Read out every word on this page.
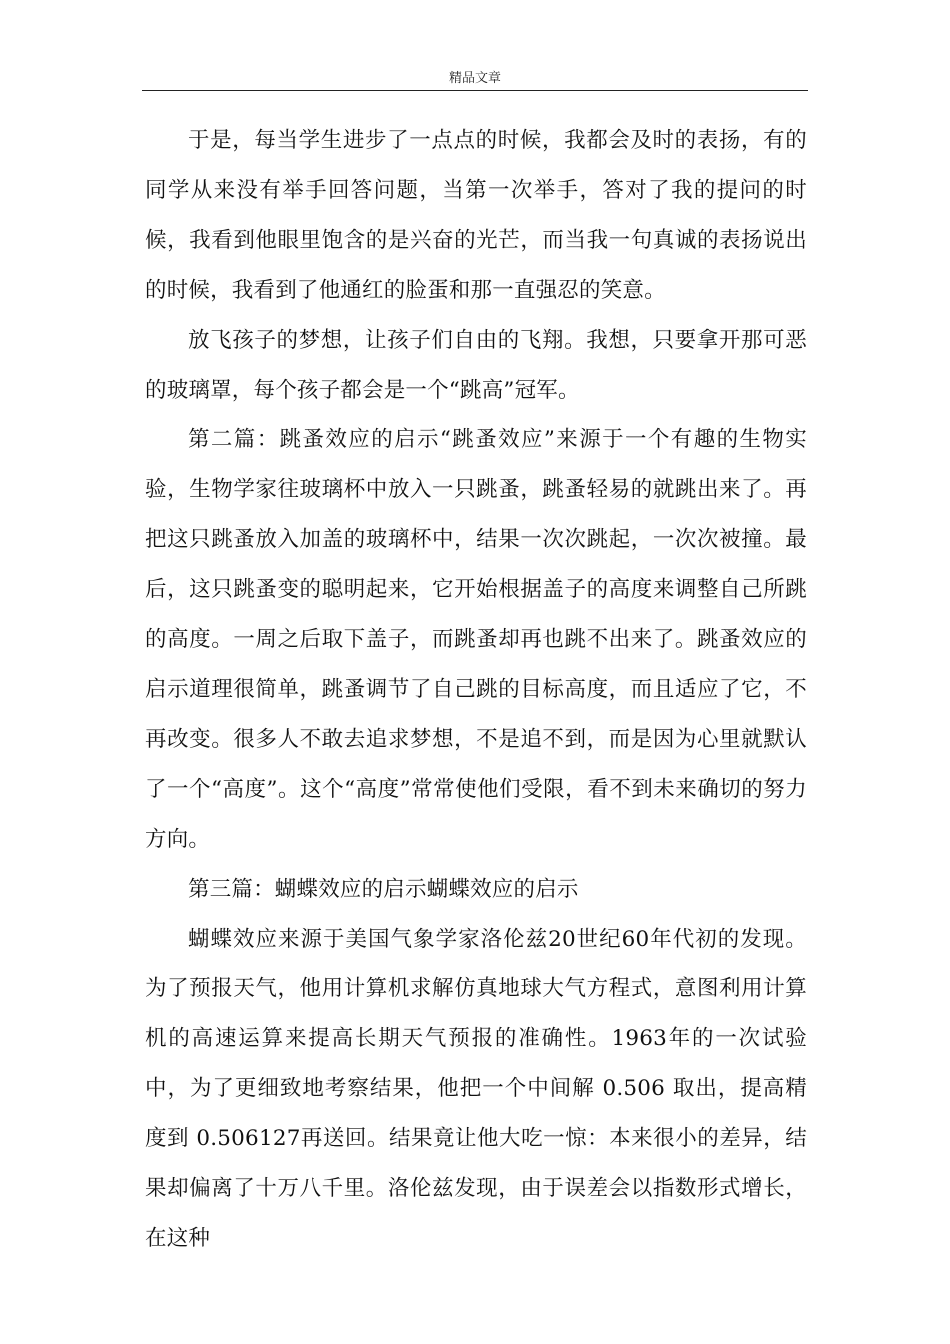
精品文章

于是，每当学生进步了一点点的时候，我都会及时的表扬，有的同学从来没有举手回答问题，当第一次举手，答对了我的提问的时候，我看到他眼里饱含的是兴奋的光芒，而当我一句真诚的表扬说出的时候，我看到了他通红的脸蛋和那一直强忍的笑意。

放飞孩子的梦想，让孩子们自由的飞翔。我想，只要拿开那可恶的玻璃罩，每个孩子都会是一个“跳高”冠军。

第二篇：跳蚤效应的启示“跳蚤效应”来源于一个有趣的生物实验，生物学家往玻璃杯中放入一只跳蚤，跳蚤轻易的就跳出来了。再把这只跳蚤放入加盖的玻璃杯中，结果一次次跳起，一次次被撞。最后，这只跳蚤变的聪明起来，它开始根据盖子的高度来调整自己所跳的高度。一周之后取下盖子，而跳蚤却再也跳不出来了。跳蚤效应的启示道理很简单，跳蚤调节了自己跳的目标高度，而且适应了它，不再改变。很多人不敢去追求梦想，不是追不到，而是因为心里就默认了一个“高度”。这个“高度”常常使他们受限，看不到未来确切的努力方向。

第三篇：蝴蝶效应的启示蝴蝶效应的启示

蝴蝶效应来源于美国气象学家洛伦兹20世纪60年代初的发现。为了预报天气，他用计算机求解仿真地球大气方程式，意图利用计算机的高速运算来提高长期天气预报的准确性。1963年的一次试验中，为了更细致地考察结果，他把一个中间解 0.506 取出，提高精度到 0.506127再送回。结果竟让他大吃一惊：本来很小的差异，结果却偏离了十万八千里。洛伦兹发现，由于误差会以指数形式增长，在这种
